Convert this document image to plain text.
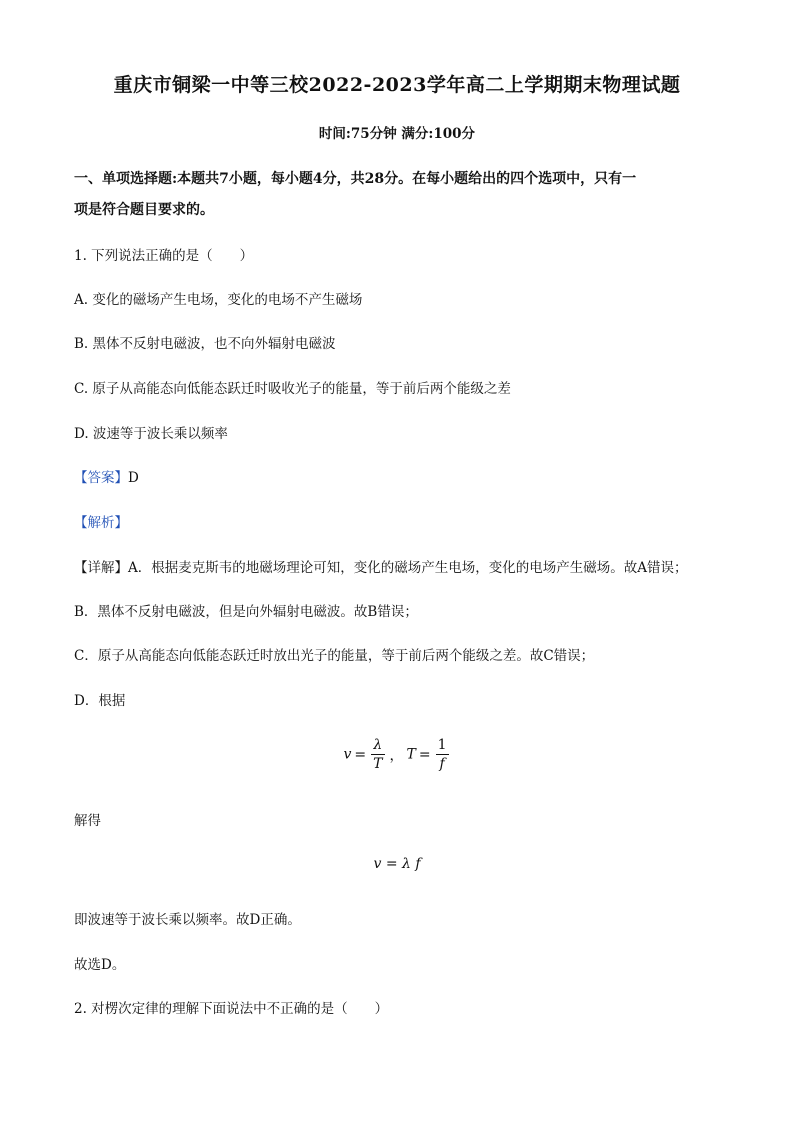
重庆市铜梁一中等三校2022-2023学年高二上学期期末物理试题
时间:75分钟 满分:100分
一、单项选择题:本题共7小题，每小题4分，共28分。在每小题给出的四个选项中，只有一
项是符合题目要求的。
1. 下列说法正确的是（　　）
A. 变化的磁场产生电场，变化的电场不产生磁场
B. 黑体不反射电磁波，也不向外辐射电磁波
C. 原子从高能态向低能态跃迁时吸收光子的能量，等于前后两个能级之差
D. 波速等于波长乘以频率
【答案】D
【解析】
【详解】A．根据麦克斯韦的地磁场理论可知，变化的磁场产生电场，变化的电场产生磁场。故A错误；
B．黑体不反射电磁波，但是向外辐射电磁波。故B错误；
C．原子从高能态向低能态跃迁时放出光子的能量，等于前后两个能级之差。故C错误；
D．根据
$v = \frac{\lambda}{T}$ ， $T = \frac{1}{f}$
解得
v = λ f
即波速等于波长乘以频率。故D正确。
故选D。
2. 对楞次定律的理解下面说法中不正确的是（　　）
